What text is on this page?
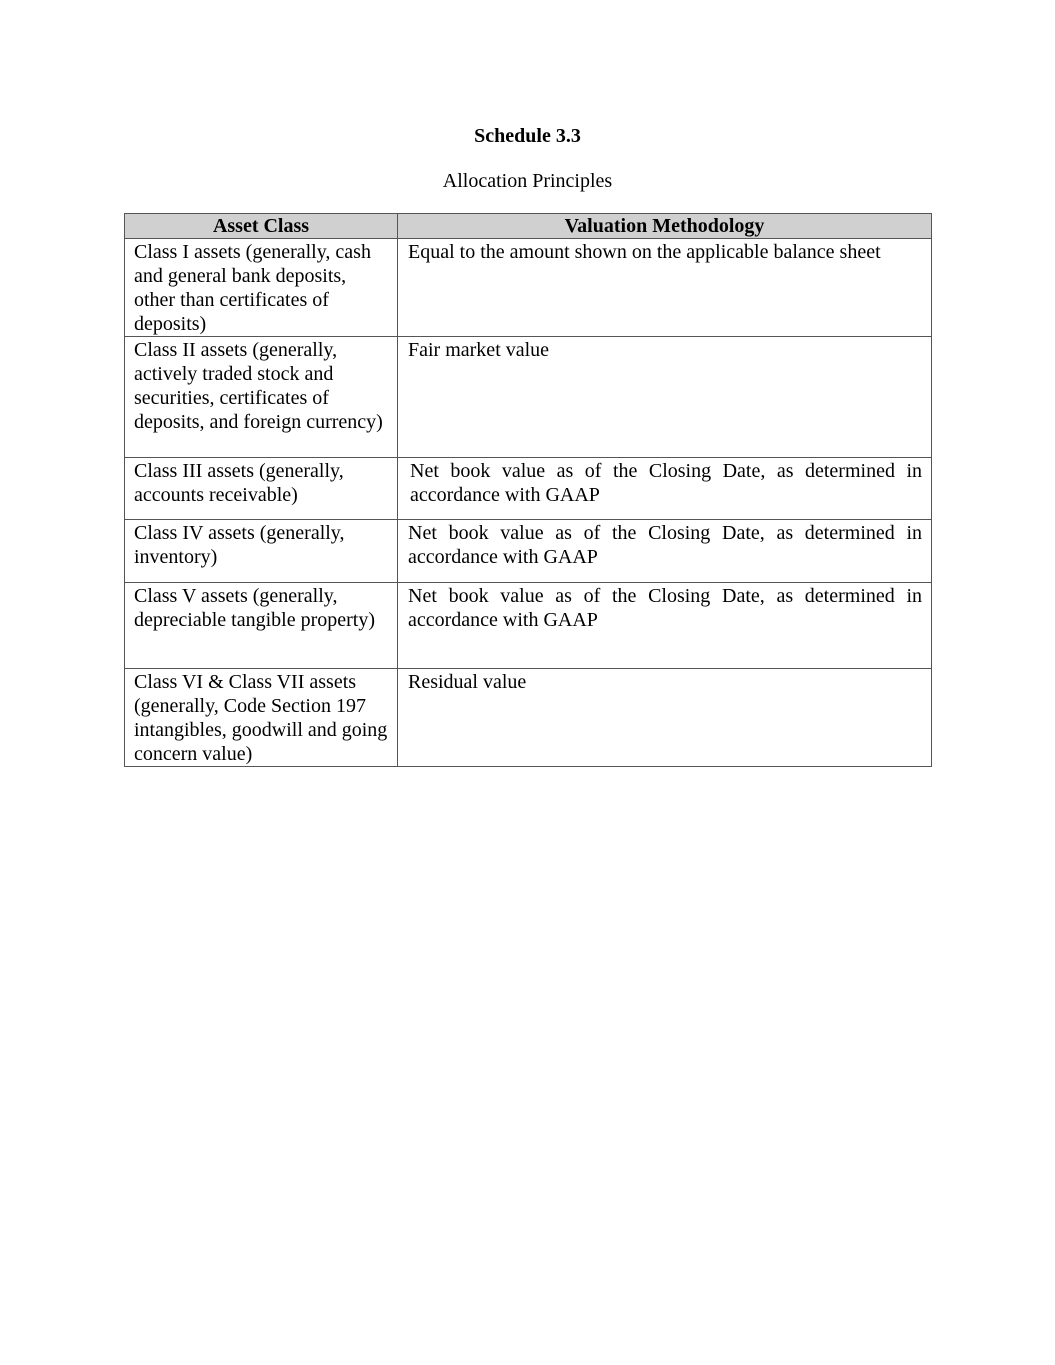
Schedule 3.3
Allocation Principles
Asset Class	Valuation Methodology
Class I assets (generally, cash and general bank deposits, other than certificates of deposits)	Equal to the amount shown on the applicable balance sheet
Class II assets (generally, actively traded stock and securities, certificates of deposits, and foreign currency)	Fair market value
Class III assets (generally, accounts receivable)	Net book value as of the Closing Date, as determined in accordance with GAAP
Class IV assets (generally, inventory)	Net book value as of the Closing Date, as determined in accordance with GAAP
Class V assets (generally, depreciable tangible property)	Net book value as of the Closing Date, as determined in accordance with GAAP
Class VI & Class VII assets (generally, Code Section 197 intangibles, goodwill and going concern value)	Residual value
